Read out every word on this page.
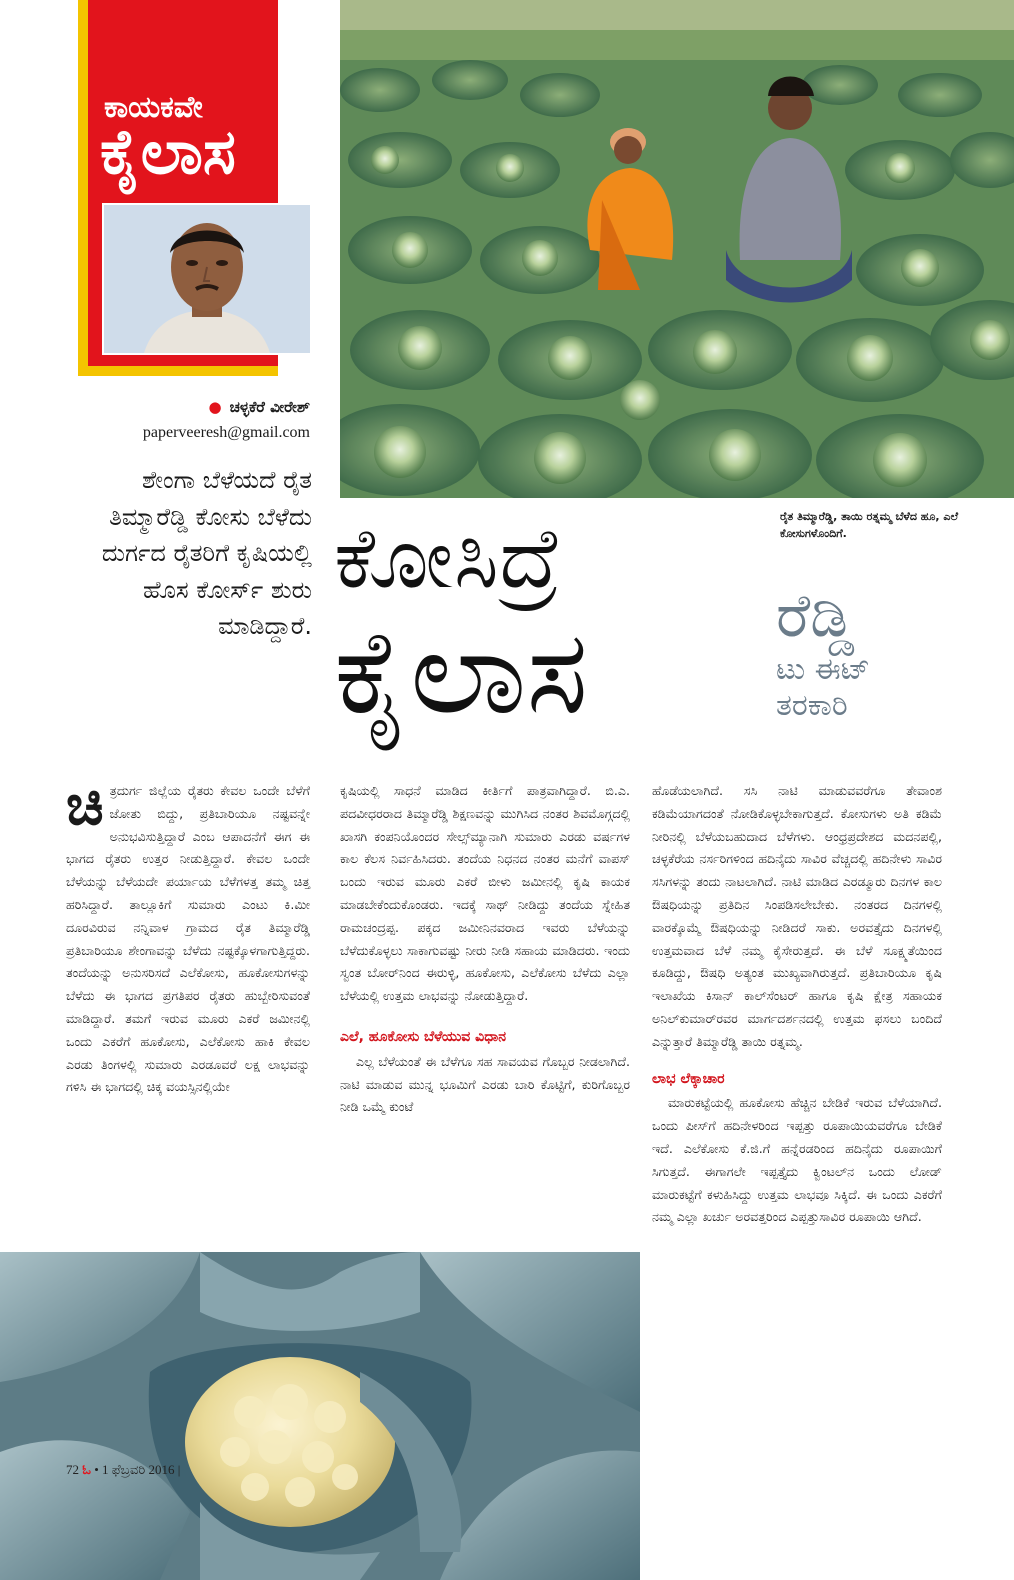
ಕಾಯಕವೇ
ಕೈಲಾಸ
● ಚಳ್ಳಕೆರೆ ವೀರೇಶ್
paperveeresh@gmail.com
ಶೇಂಗಾ ಬೆಳೆಯದೆ ರೈತ ತಿಮ್ಮಾರೆಡ್ಡಿ ಕೋಸು ಬೆಳೆದು ದುರ್ಗದ ರೈತರಿಗೆ ಕೃಷಿಯಲ್ಲಿ ಹೊಸ ಕೋರ್ಸ್ ಶುರು ಮಾಡಿದ್ದಾರೆ.
ಕೋಸಿದ್ರೆ
ಕೈಲಾಸ
ರೈತ ತಿಮ್ಮಾರೆಡ್ಡಿ, ತಾಯಿ ರತ್ನಮ್ಮ ಬೆಳೆದ ಹೂ, ಎಲೆ ಕೋಸುಗಳೊಂದಿಗೆ.
ರೆಡ್ಡಿ
ಟು ಈಟ್
ತರಕಾರಿ
ಚಿ ತ್ರದುರ್ಗ ಜಿಲ್ಲೆಯ ರೈತರು ಕೇವಲ ಒಂದೇ ಬೆಳೆಗೆ ಜೋತು ಬಿದ್ದು, ಪ್ರತಿಬಾರಿಯೂ ನಷ್ಟವನ್ನೇ ಅನುಭವಿಸುತ್ತಿದ್ದಾರೆ ಎಂಬ ಆಪಾದನೆಗೆ ಈಗ ಈ ಭಾಗದ ರೈತರು ಉತ್ತರ ನೀಡುತ್ತಿದ್ದಾರೆ. ಕೇವಲ ಒಂದೇ ಬೆಳೆಯನ್ನು ಬೆಳೆಯದೇ ಪರ್ಯಾಯ ಬೆಳೆಗಳತ್ತ ತಮ್ಮ ಚಿತ್ತ ಹರಿಸಿದ್ದಾರೆ. ತಾಲ್ಲೂಕಿಗೆ ಸುಮಾರು ಎಂಟು ಕಿ.ಮೀ ದೂರವಿರುವ ನನ್ನಿವಾಳ ಗ್ರಾಮದ ರೈತ ತಿಮ್ಮಾರೆಡ್ಡಿ ಪ್ರತಿಬಾರಿಯೂ ಶೇಂಗಾವನ್ನು ಬೆಳೆದು ನಷ್ಟಕ್ಕೊಳಗಾಗುತ್ತಿದ್ದರು. ತಂದೆಯನ್ನು ಅನುಸರಿಸದೆ ಎಲೆಕೋಸು, ಹೂಕೋಸುಗಳನ್ನು ಬೆಳೆದು ಈ ಭಾಗದ ಪ್ರಗತಿಪರ ರೈತರು ಹುಬ್ಬೇರಿಸುವಂತೆ ಮಾಡಿದ್ದಾರೆ. ತಮಗೆ ಇರುವ ಮೂರು ಎಕರೆ ಜಮೀನಲ್ಲಿ ಒಂದು ಎಕರೆಗೆ ಹೂಕೋಸು, ಎಲೆಕೋಸು ಹಾಕಿ ಕೇವಲ ಎರಡು ತಿಂಗಳಲ್ಲಿ ಸುಮಾರು ಎರಡೂವರೆ ಲಕ್ಷ ಲಾಭವನ್ನು ಗಳಿಸಿ ಈ ಭಾಗದಲ್ಲಿ ಚಿಕ್ಕ ವಯಸ್ಸಿನಲ್ಲಿಯೇ

ಕೃಷಿಯಲ್ಲಿ ಸಾಧನೆ ಮಾಡಿದ ಕೀರ್ತಿಗೆ ಪಾತ್ರವಾಗಿದ್ದಾರೆ. ಬಿ.ಎ. ಪದವೀಧರರಾದ ತಿಮ್ಮಾರೆಡ್ಡಿ ಶಿಕ್ಷಣವನ್ನು ಮುಗಿಸಿದ ನಂತರ ಶಿವಮೊಗ್ಗದಲ್ಲಿ ಖಾಸಗಿ ಕಂಪನಿಯೊಂದರ ಸೇಲ್ಸ್‌ಮ್ಯಾನಾಗಿ ಸುಮಾರು ಎರಡು ವರ್ಷಗಳ ಕಾಲ ಕೆಲಸ ನಿರ್ವಹಿಸಿದರು. ತಂದೆಯ ನಿಧನದ ನಂತರ ಮನೆಗೆ ವಾಪಸ್ ಬಂದು ಇರುವ ಮೂರು ಎಕರೆ ಬೀಳು ಜಮೀನಲ್ಲಿ ಕೃಷಿ ಕಾಯಕ ಮಾಡಬೇಕೆಂದುಕೊಂಡರು. ಇದಕ್ಕೆ ಸಾಥ್ ನೀಡಿದ್ದು ತಂದೆಯ ಸ್ನೇಹಿತ ರಾಮಚಂದ್ರಪ್ಪ. ಪಕ್ಕದ ಜಮೀನಿನವರಾದ ಇವರು ಬೆಳೆಯನ್ನು ಬೆಳೆದುಕೊಳ್ಳಲು ಸಾಕಾಗುವಷ್ಟು ನೀರು ನೀಡಿ ಸಹಾಯ ಮಾಡಿದರು. ಇಂದು ಸ್ವಂತ ಬೋರ್‌ನಿಂದ ಈರುಳ್ಳಿ, ಹೂಕೋಸು, ಎಲೆಕೋಸು ಬೆಳೆದು ಎಲ್ಲಾ ಬೆಳೆಯಲ್ಲಿ ಉತ್ತಮ ಲಾಭವನ್ನು ನೋಡುತ್ತಿದ್ದಾರೆ.

ಎಲೆ, ಹೂಕೋಸು ಬೆಳೆಯುವ ವಿಧಾನ

ಎಲ್ಲ ಬೆಳೆಯಂತೆ ಈ ಬೆಳೆಗೂ ಸಹ ಸಾವಯವ ಗೊಬ್ಬರ ನೀಡಲಾಗಿದೆ. ನಾಟಿ ಮಾಡುವ ಮುನ್ನ ಭೂಮಿಗೆ ಎರಡು ಬಾರಿ ಕೊಟ್ಟಿಗೆ, ಕುರಿಗೊಬ್ಬರ ನೀಡಿ ಒಮ್ಮೆ ಕುಂಟೆ

ಹೊಡೆಯಲಾಗಿದೆ. ಸಸಿ ನಾಟಿ ಮಾಡುವವರೆಗೂ ತೇವಾಂಶ ಕಡಿಮೆಯಾಗದಂತೆ ನೋಡಿಕೊಳ್ಳಬೇಕಾಗುತ್ತದೆ. ಕೋಸುಗಳು ಅತಿ ಕಡಿಮೆ ನೀರಿನಲ್ಲಿ ಬೆಳೆಯಬಹುದಾದ ಬೆಳೆಗಳು. ಆಂಧ್ರಪ್ರದೇಶದ ಮದನಪಲ್ಲಿ, ಚಳ್ಳಕೆರೆಯ ನರ್ಸರಿಗಳಿಂದ ಹದಿನೈದು ಸಾವಿರ ವೆಚ್ಚದಲ್ಲಿ ಹದಿನೇಳು ಸಾವಿರ ಸಸಿಗಳನ್ನು ತಂದು ನಾಟಲಾಗಿದೆ. ನಾಟಿ ಮಾಡಿದ ಎರಡ್ಮೂರು ದಿನಗಳ ಕಾಲ ಔಷಧಿಯನ್ನು ಪ್ರತಿದಿನ ಸಿಂಪಡಿಸಲೇಬೇಕು. ನಂತರದ ದಿನಗಳಲ್ಲಿ ವಾರಕ್ಕೊಮ್ಮೆ ಔಷಧಿಯನ್ನು ನೀಡಿದರೆ ಸಾಕು. ಅರವತ್ತೈದು ದಿನಗಳಲ್ಲಿ ಉತ್ತಮವಾದ ಬೆಳೆ ನಮ್ಮ ಕೈಸೇರುತ್ತದೆ. ಈ ಬೆಳೆ ಸೂಕ್ಷ್ಮತೆಯಿಂದ ಕೂಡಿದ್ದು, ಔಷಧಿ ಅತ್ಯಂತ ಮುಖ್ಯವಾಗಿರುತ್ತದೆ. ಪ್ರತಿಬಾರಿಯೂ ಕೃಷಿ ಇಲಾಖೆಯ ಕಿಸಾನ್ ಕಾಲ್‌ಸೆಂಟರ್ ಹಾಗೂ ಕೃಷಿ ಕ್ಷೇತ್ರ ಸಹಾಯಕ ಅನಿಲ್‌ಕುಮಾರ್‌ರವರ ಮಾರ್ಗದರ್ಶನದಲ್ಲಿ ಉತ್ತಮ ಫಸಲು ಬಂದಿದೆ ಎನ್ನುತ್ತಾರೆ ತಿಮ್ಮಾರೆಡ್ಡಿ ತಾಯಿ ರತ್ನಮ್ಮ.

ಲಾಭ ಲೆಕ್ಕಾಚಾರ

ಮಾರುಕಟ್ಟೆಯಲ್ಲಿ ಹೂಕೋಸು ಹೆಚ್ಚಿನ ಬೇಡಿಕೆ ಇರುವ ಬೆಳೆಯಾಗಿದೆ. ಒಂದು ಪೀಸ್‌ಗೆ ಹದಿನೇಳರಿಂದ ಇಪ್ಪತ್ತು ರೂಪಾಯಿಯವರೆಗೂ ಬೇಡಿಕೆ ಇದೆ. ಎಲೆಕೋಸು ಕೆ.ಜಿ.ಗೆ ಹನ್ನೆರಡರಿಂದ ಹದಿನೈದು ರೂಪಾಯಿಗೆ ಸಿಗುತ್ತದೆ. ಈಗಾಗಲೇ ಇಪ್ಪತ್ತೈದು ಕ್ವಿಂಟಲ್‌ನ ಒಂದು ಲೋಡ್ ಮಾರುಕಟ್ಟೆಗೆ ಕಳುಹಿಸಿದ್ದು ಉತ್ತಮ ಲಾಭವೂ ಸಿಕ್ಕಿದೆ. ಈ ಒಂದು ಎಕರೆಗೆ ನಮ್ಮ ಎಲ್ಲಾ ಖರ್ಚು ಅರವತ್ತರಿಂದ ಎಪ್ಪತ್ತುಸಾವಿರ ರೂಪಾಯಿ ಆಗಿದೆ.

72 ಓ • 1 ಫೆಬ್ರವರಿ 2016 |
